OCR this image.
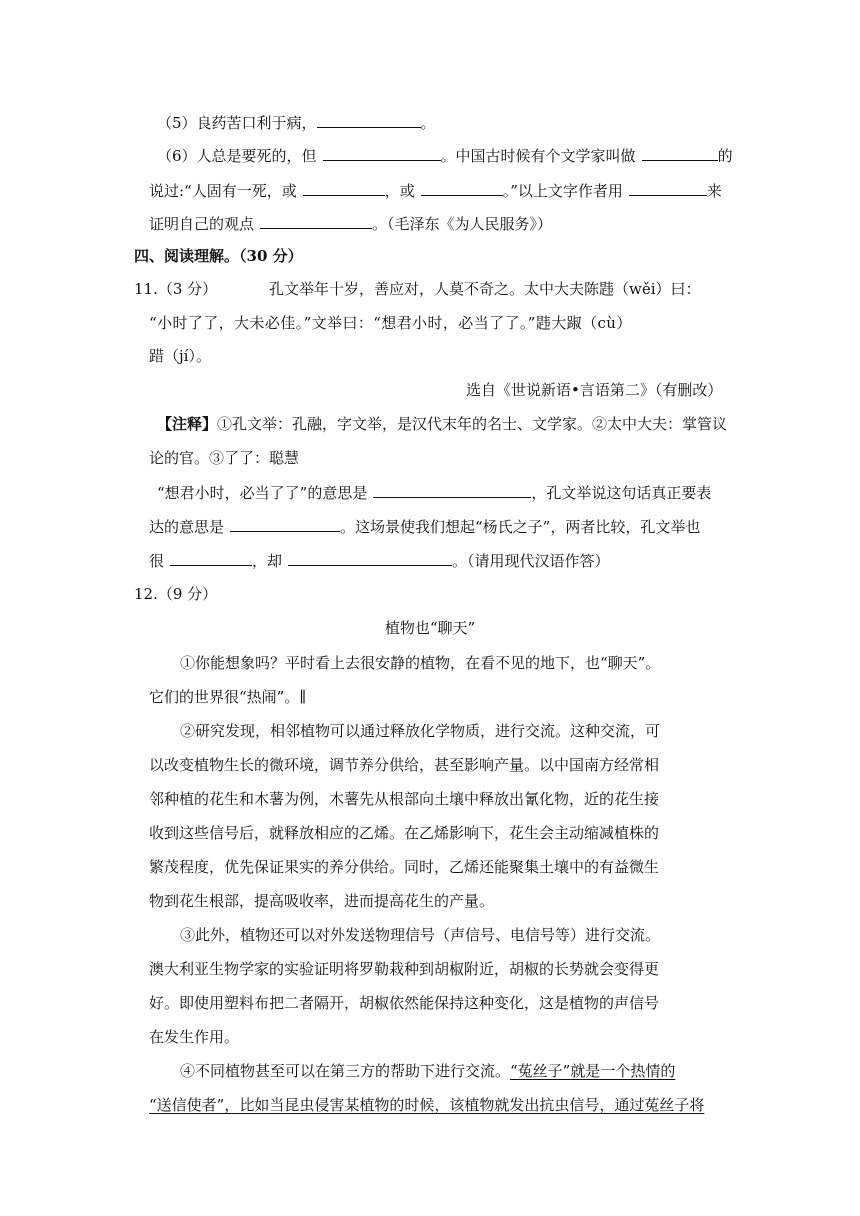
（5）良药苦口利于病，	。
（6）人总是要死的，但	。中国古时候有个文学家叫做	的
说过:“人固有一死，或	，或	。”以上文字作者用	来
证明自己的观点	。（毛泽东《为人民服务》）
四、阅读理解。（30 分）
11.（3 分）	孔文举年十岁，善应对，人莫不奇之。太中大夫陈韪（wěi）曰：
“小时了了，大未必佳。”文举曰：“想君小时，必当了了。”韪大踧（cù）
踖（jí）。
选自《世说新语•言语第二》（有删改）
【注释】①孔文举：孔融，字文举，是汉代末年的名士、文学家。②太中大夫：掌管议
论的官。③了了：聪慧
“想君小时，必当了了”的意思是	，孔文举说这句话真正要表
达的意思是	。这场景使我们想起“杨氏之子”，两者比较，孔文举也
很	，却	。（请用现代汉语作答）
12.（9 分）
植物也“聊天”
①你能想象吗？平时看上去很安静的植物，在看不见的地下，也“聊天”。
它们的世界很“热闹”。∥
②研究发现，相邻植物可以通过释放化学物质，进行交流。这种交流，可
以改变植物生长的微环境，调节养分供给，甚至影响产量。以中国南方经常相
邻种植的花生和木薯为例，木薯先从根部向土壤中释放出氰化物，近的花生接
收到这些信号后，就释放相应的乙烯。在乙烯影响下，花生会主动缩减植株的
繁茂程度，优先保证果实的养分供给。同时，乙烯还能聚集土壤中的有益微生
物到花生根部，提高吸收率，进而提高花生的产量。
③此外，植物还可以对外发送物理信号（声信号、电信号等）进行交流。
澳大利亚生物学家的实验证明将罗勒栽种到胡椒附近，胡椒的长势就会变得更
好。即使用塑料布把二者隔开，胡椒依然能保持这种变化，这是植物的声信号
在发生作用。
④不同植物甚至可以在第三方的帮助下进行交流。“菟丝子”就是一个热情的
“送信使者”，比如当昆虫侵害某植物的时候，该植物就发出抗虫信号，通过菟丝子将
